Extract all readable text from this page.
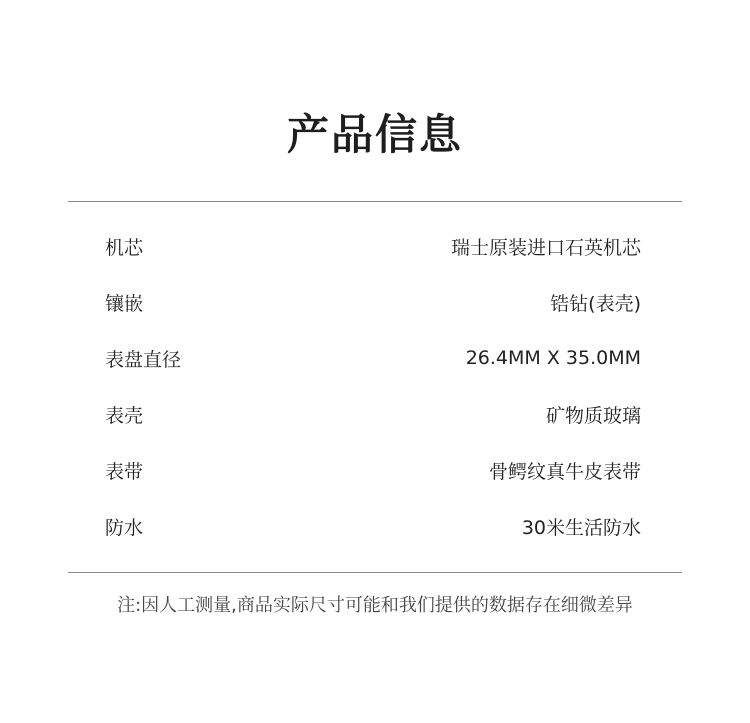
产品信息
机芯	瑞士原装进口石英机芯
镶嵌	锆钻(表壳)
表盘直径	26.4MM X 35.0MM
表壳	矿物质玻璃
表带	骨鳄纹真牛皮表带
防水	30米生活防水
注:因人工测量,商品实际尺寸可能和我们提供的数据存在细微差异
